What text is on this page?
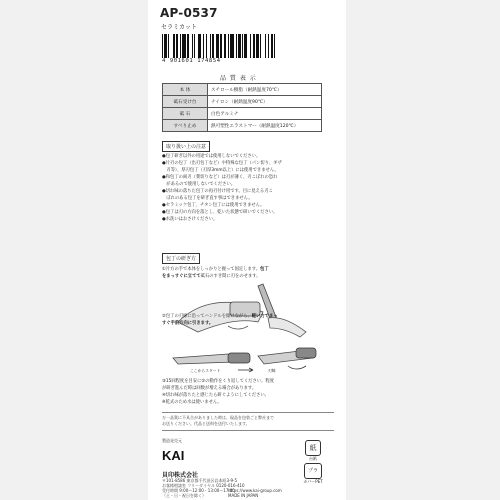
AP-0537
セラミカット
4 901601 174854
品 質 表 示
本 体	スチロール樹脂（耐熱温度70℃）
砥石受け台	ナイロン（耐熱温度90℃）
砥 石	白色アルミナ
すべり止め	熱可塑性エラストマー（耐熱温度120℃）
取り扱い上の注意
●包丁研ぎ以外の用途では使用しないでください。
●片刃の包丁（出刃包丁など）や特殊な包丁（パン切り、ギザ
　刃等）、厚刃包丁（刃厚3mm以上）には使用できません。
●和包丁の両刃（菜切りなど）は刃が薄く、刃こぼれの恐れ
　があるので使用しないでください。
●切れ味の落ちた包丁の再刃付け用です。目に見える刃こ
　ぼれのある包丁を研ぎ直す事はできません。
●セラミック包丁、チタン包丁には使用できません。
●包丁は刃の方向を落とし、乾いた状態で研いでください。
●水洗いはおさけください。
包丁の研ぎ方
①片方の手で本体をしっかりと握って固定します。包丁
をまっすぐに立てて砥石のすき間に刃をのせます。
②包丁の刃線に沿ってハンドルを傾けながら、軽い力でまっ
すぐ手前方向に引きます。
ここからスタート	刃線
③15回程度を目安に②の動作をくり返してください。程度
が研ぎ進んだ時は回数が増える場合があります。
④切れ味が落ちたと感じたら研ぐようにしてください。
※乾式のため水は使いません。
万一品質に不具合がありました時は、現品を包装ごと弊社まで
お送りください。代品と送料を送付いたします。
製造発売元
KAI
貝印株式会社
〒101-8586 東京都千代田区岩本町3-9-5
お客様相談室 フリーダイヤル 0120-016-410
受付時間 9:00〜12:00・13:00〜17:00
（土・日・祝日を除く）
https://www.kai-group.com
MADE IN JAPAN
紙
台紙
プラ
カバーPET
